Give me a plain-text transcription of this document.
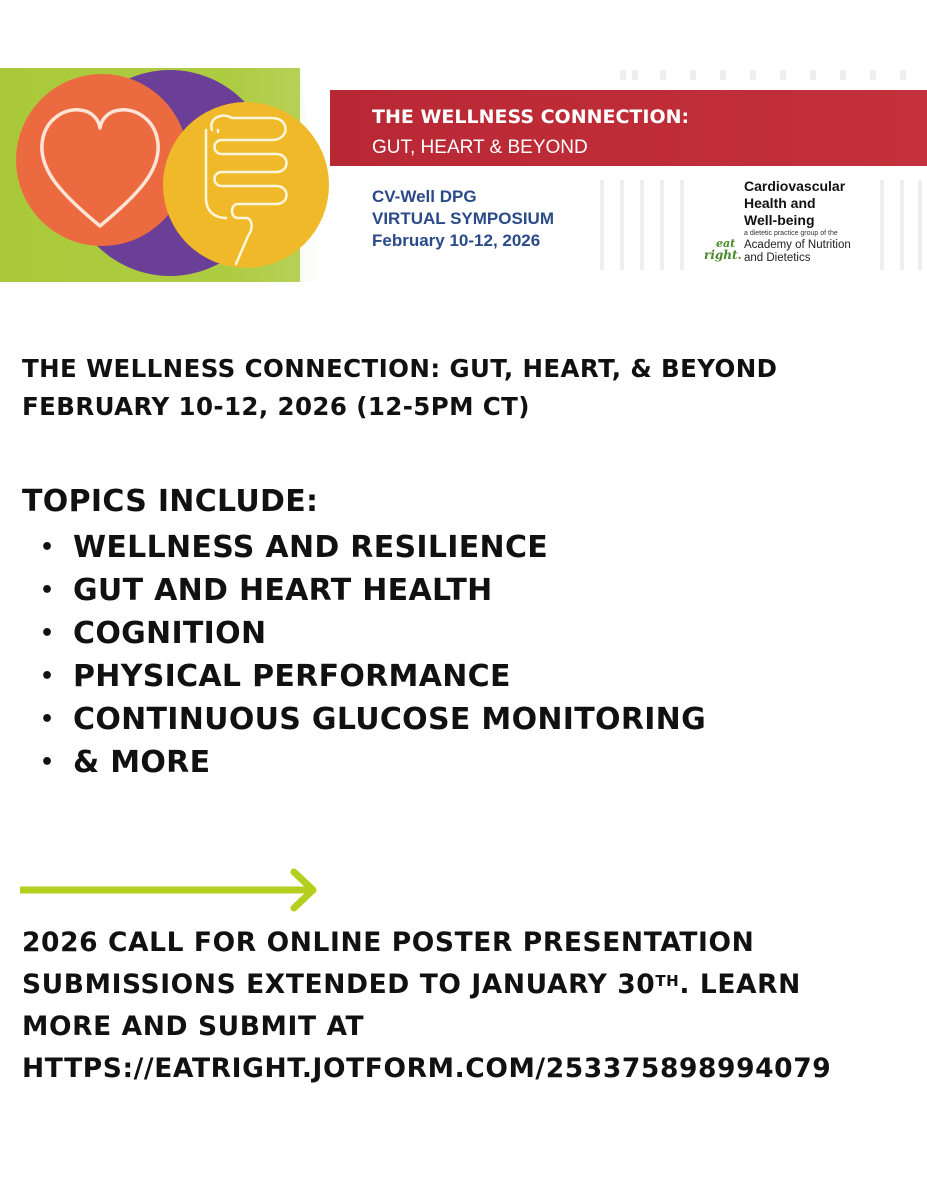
THE WELLNESS CONNECTION:
GUT, HEART & BEYOND
CV-Well DPG
VIRTUAL SYMPOSIUM
February 10-12, 2026
Cardiovascular
Health and
Well-being
a dietetic practice group of the
eat
right.
Academy of Nutrition
and Dietetics
THE WELLNESS CONNECTION: GUT, HEART, & BEYOND
FEBRUARY 10-12, 2026 (12-5PM CT)
TOPICS INCLUDE:
• WELLNESS AND RESILIENCE
• GUT AND HEART HEALTH
• COGNITION
• PHYSICAL PERFORMANCE
• CONTINUOUS GLUCOSE MONITORING
• & MORE
2026 CALL FOR ONLINE POSTER PRESENTATION
SUBMISSIONS EXTENDED TO JANUARY 30TH. LEARN
MORE AND SUBMIT AT
HTTPS://EATRIGHT.JOTFORM.COM/253375898994079
